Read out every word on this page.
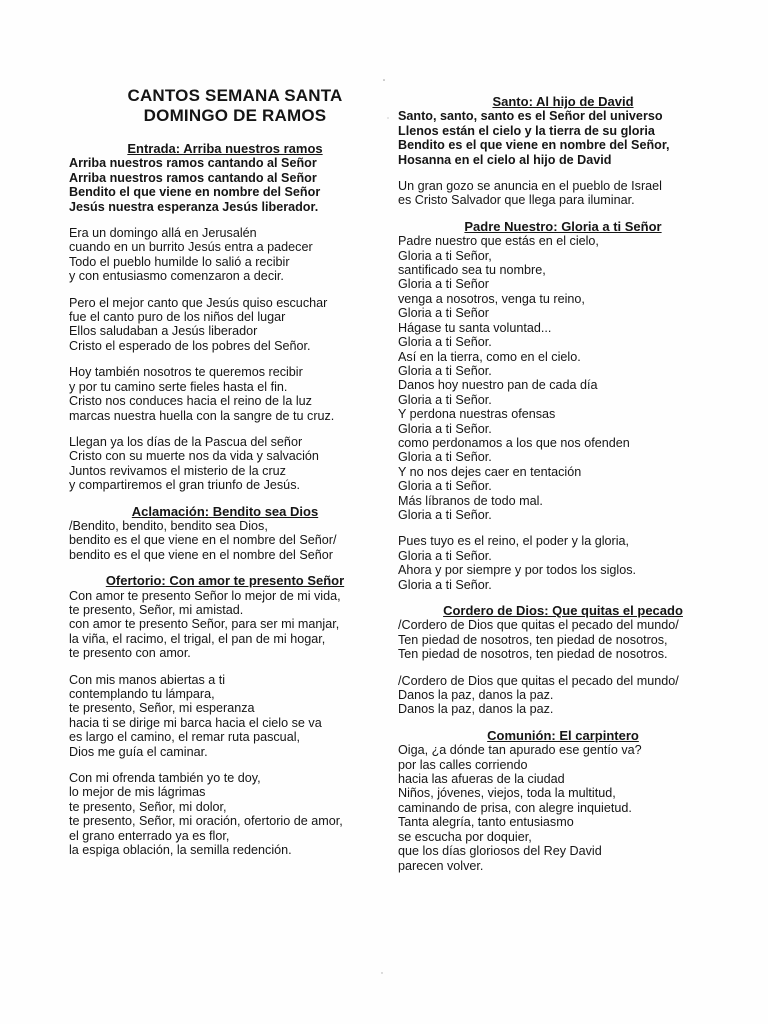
CANTOS SEMANA SANTA
DOMINGO DE RAMOS
Entrada: Arriba nuestros ramos
Arriba nuestros ramos cantando al Señor
Arriba nuestros ramos cantando al Señor
Bendito el que viene en nombre del Señor
Jesús nuestra esperanza Jesús liberador.
Era un domingo allá en Jerusalén
cuando en un burrito Jesús entra a padecer
Todo el pueblo humilde lo salió a recibir
y con entusiasmo comenzaron a decir.
Pero el mejor canto que Jesús quiso escuchar
fue el canto puro de los niños del lugar
Ellos saludaban a Jesús liberador
Cristo el esperado de los pobres del Señor.
Hoy también nosotros te queremos recibir
y por tu camino serte fieles hasta el fin.
Cristo nos conduces hacia el reino de la luz
marcas nuestra huella con la sangre de tu cruz.
Llegan ya los días de la Pascua del señor
Cristo con su muerte nos da vida y salvación
Juntos revivamos el misterio de la cruz
y compartiremos el gran triunfo de Jesús.
Aclamación: Bendito sea Dios
/Bendito, bendito, bendito sea Dios,
bendito es el que viene en el nombre del Señor/
bendito es el que viene en el nombre del Señor
Ofertorio: Con amor te presento Señor
Con amor te presento Señor lo mejor de mi vida,
te presento, Señor, mi amistad.
con amor te presento Señor, para ser mi manjar,
la viña, el racimo, el trigal, el pan de mi hogar,
te presento con amor.
Con mis manos abiertas a ti
contemplando tu lámpara,
te presento, Señor, mi esperanza
hacia ti se dirige mi barca hacia el cielo se va
es largo el camino, el remar ruta pascual,
Dios me guía el caminar.
Con mi ofrenda también yo te doy,
lo mejor de mis lágrimas
te presento, Señor, mi dolor,
te presento, Señor, mi oración, ofertorio de amor,
el grano enterrado ya es flor,
la espiga oblación, la semilla redención.
Santo: Al hijo de David
Santo, santo, santo es el Señor del universo
Llenos están el cielo y la tierra de su gloria
Bendito es el que viene en nombre del Señor,
Hosanna en el cielo al hijo de David
Un gran gozo se anuncia en el pueblo de Israel
es Cristo Salvador que llega para iluminar.
Padre Nuestro: Gloria a ti Señor
Padre nuestro que estás en el cielo,
Gloria a ti Señor,
santificado sea tu nombre,
Gloria a ti Señor
venga a nosotros, venga tu reino,
Gloria a ti Señor
Hágase tu santa voluntad...
Gloria a ti Señor.
Así en la tierra, como en el cielo.
Gloria a ti Señor.
Danos hoy nuestro pan de cada día
Gloria a ti Señor.
Y perdona nuestras ofensas
Gloria a ti Señor.
como perdonamos a los que nos ofenden
Gloria a ti Señor.
Y no nos dejes caer en tentación
Gloria a ti Señor.
Más líbranos de todo mal.
Gloria a ti Señor.
Pues tuyo es el reino, el poder y la gloria,
Gloria a ti Señor.
Ahora y por siempre y por todos los siglos.
Gloria a ti Señor.
Cordero de Dios: Que quitas el pecado
/Cordero de Dios que quitas el pecado del mundo/
Ten piedad de nosotros, ten piedad de nosotros,
Ten piedad de nosotros, ten piedad de nosotros.
/Cordero de Dios que quitas el pecado del mundo/
Danos la paz, danos la paz.
Danos la paz, danos la paz.
Comunión: El carpintero
Oiga, ¿a dónde tan apurado ese gentío va?
por las calles corriendo
hacia las afueras de la ciudad
Niños, jóvenes, viejos, toda la multitud,
caminando de prisa, con alegre inquietud.
Tanta alegría, tanto entusiasmo
se escucha por doquier,
que los días gloriosos del Rey David
parecen volver.
